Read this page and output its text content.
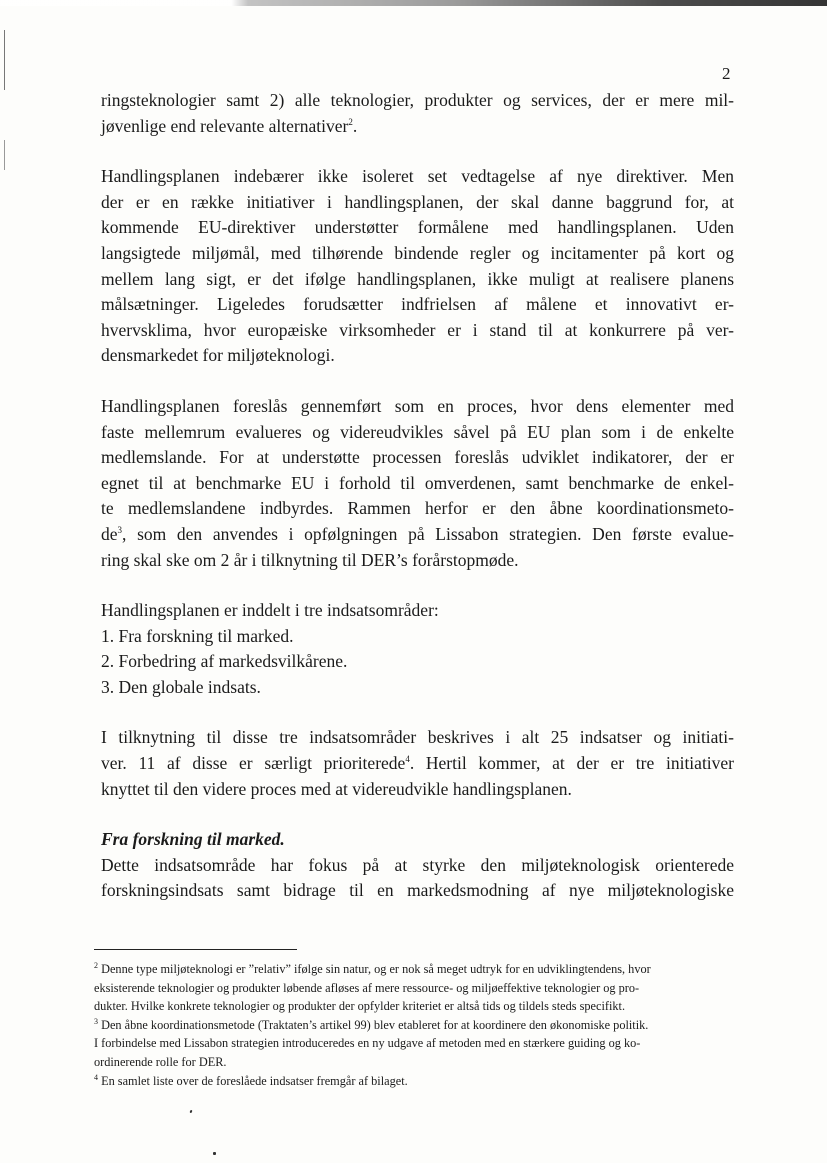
2

ringsteknologier samt 2) alle teknologier, produkter og services, der er mere mil-
jøvenlige end relevante alternativer$^2$.

Handlingsplanen indebærer ikke isoleret set vedtagelse af nye direktiver. Men
der er en række initiativer i handlingsplanen, der skal danne baggrund for, at
kommende EU-direktiver understøtter formålene med handlingsplanen. Uden
langsigtede miljømål, med tilhørende bindende regler og incitamenter på kort og
mellem lang sigt, er det ifølge handlingsplanen, ikke muligt at realisere planens
målsætninger. Ligeledes forudsætter indfrielsen af målene et innovativt er-
hvervsklima, hvor europæiske virksomheder er i stand til at konkurrere på ver-
densmarkedet for miljøteknologi.

Handlingsplanen foreslås gennemført som en proces, hvor dens elementer med
faste mellemrum evalueres og videreudvikles såvel på EU plan som i de enkelte
medlemslande. For at understøtte processen foreslås udviklet indikatorer, der er
egnet til at benchmarke EU i forhold til omverdenen, samt benchmarke de enkel-
te medlemslandene indbyrdes. Rammen herfor er den åbne koordinationsmeto-
$de^3$, som den anvendes i opfølgningen på Lissabon strategien. Den første evalue-
ring skal ske om 2 år i tilknytning til DER’s forårstopmøde.

Handlingsplanen er inddelt i tre indsatsområder:
1. Fra forskning til marked.
2. Forbedring af markedsvilkårene.
3. Den globale indsats.

I tilknytning til disse tre indsatsområder beskrives i alt 25 indsatser og initiati-
ver. 11 af disse er særligt prioriterede$^4$. Hertil kommer, at der er tre initiativer
knyttet til den videre proces med at videreudvikle handlingsplanen.

Fra forskning til marked.
Dette indsatsområde har fokus på at styrke den miljøteknologisk orienterede
forskningsindsats samt bidrage til en markedsmodning af nye miljøteknologiske

$^2$ Denne type miljøteknologi er ”relativ” ifølge sin natur, og er nok så meget udtryk for en udviklingtendens, hvor
eksisterende teknologier og produkter løbende afløses af mere ressource- og miljøeffektive teknologier og pro-
dukter. Hvilke konkrete teknologier og produkter der opfylder kriteriet er altså tids og tildels steds specifikt.

$^3$ Den åbne koordinationsmetode (Traktaten’s artikel 99) blev etableret for at koordinere den økonomiske politik.
I forbindelse med Lissabon strategien introduceredes en ny udgave af metoden med en stærkere guiding og ko-
ordinerende rolle for DER.

$^4$ En samlet liste over de foreslåede indsatser fremgår af bilaget.
